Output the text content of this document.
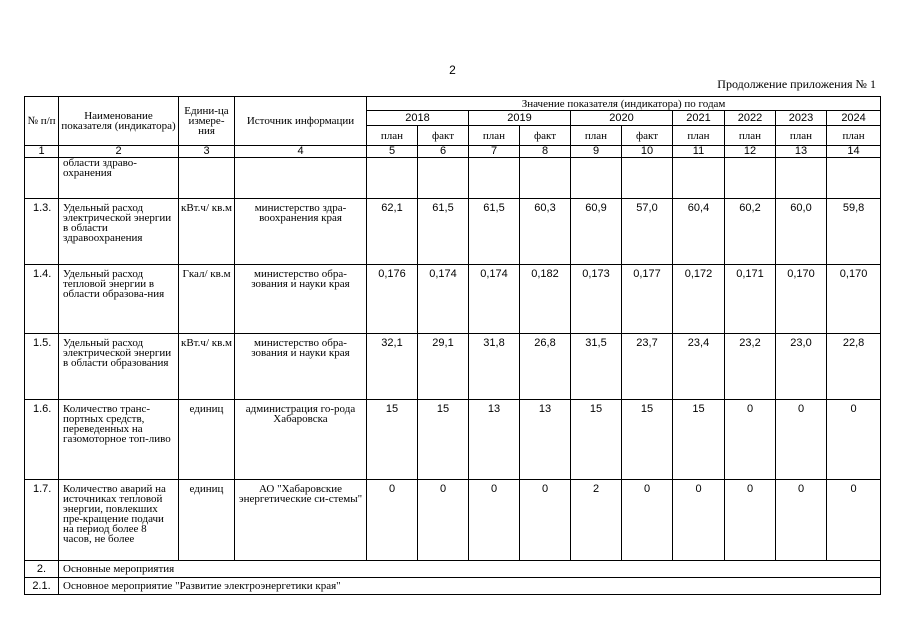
2
Продолжение приложения № 1
№ п/п	Наименование показателя (индикатора)	Едини-ца измере-ния	Источник информации	Значение показателя (индикатора) по годам									
				2018		2019		2020		2021	2022	2023	2024
				план	факт	план	факт	план	факт	план	план	план	план
1	2	3	4	5	6	7	8	9	10	11	12	13	14
	области здраво-охранения												
1.3.	Удельный расход электрической энергии в области здравоохранения	кВт.ч/ кв.м	министерство здра-воохранения края	62,1	61,5	61,5	60,3	60,9	57,0	60,4	60,2	60,0	59,8
1.4.	Удельный расход тепловой энергии в области образова-ния	Гкал/ кв.м	министерство обра-зования и науки края	0,176	0,174	0,174	0,182	0,173	0,177	0,172	0,171	0,170	0,170
1.5.	Удельный расход электрической энергии в области образования	кВт.ч/ кв.м	министерство обра-зования и науки края	32,1	29,1	31,8	26,8	31,5	23,7	23,4	23,2	23,0	22,8
1.6.	Количество транс-портных средств, переведенных на газомоторное топ-ливо	единиц	администрация го-рода Хабаровска	15	15	13	13	15	15	15	0	0	0
1.7.	Количество аварий на источниках тепловой энергии, повлекших пре-кращение подачи на период более 8 часов, не более	единиц	АО "Хабаровские энергетические си-стемы"	0	0	0	0	2	0	0	0	0	0
2.	Основные мероприятия												
2.1.	Основное мероприятие "Развитие электроэнергетики края"												
